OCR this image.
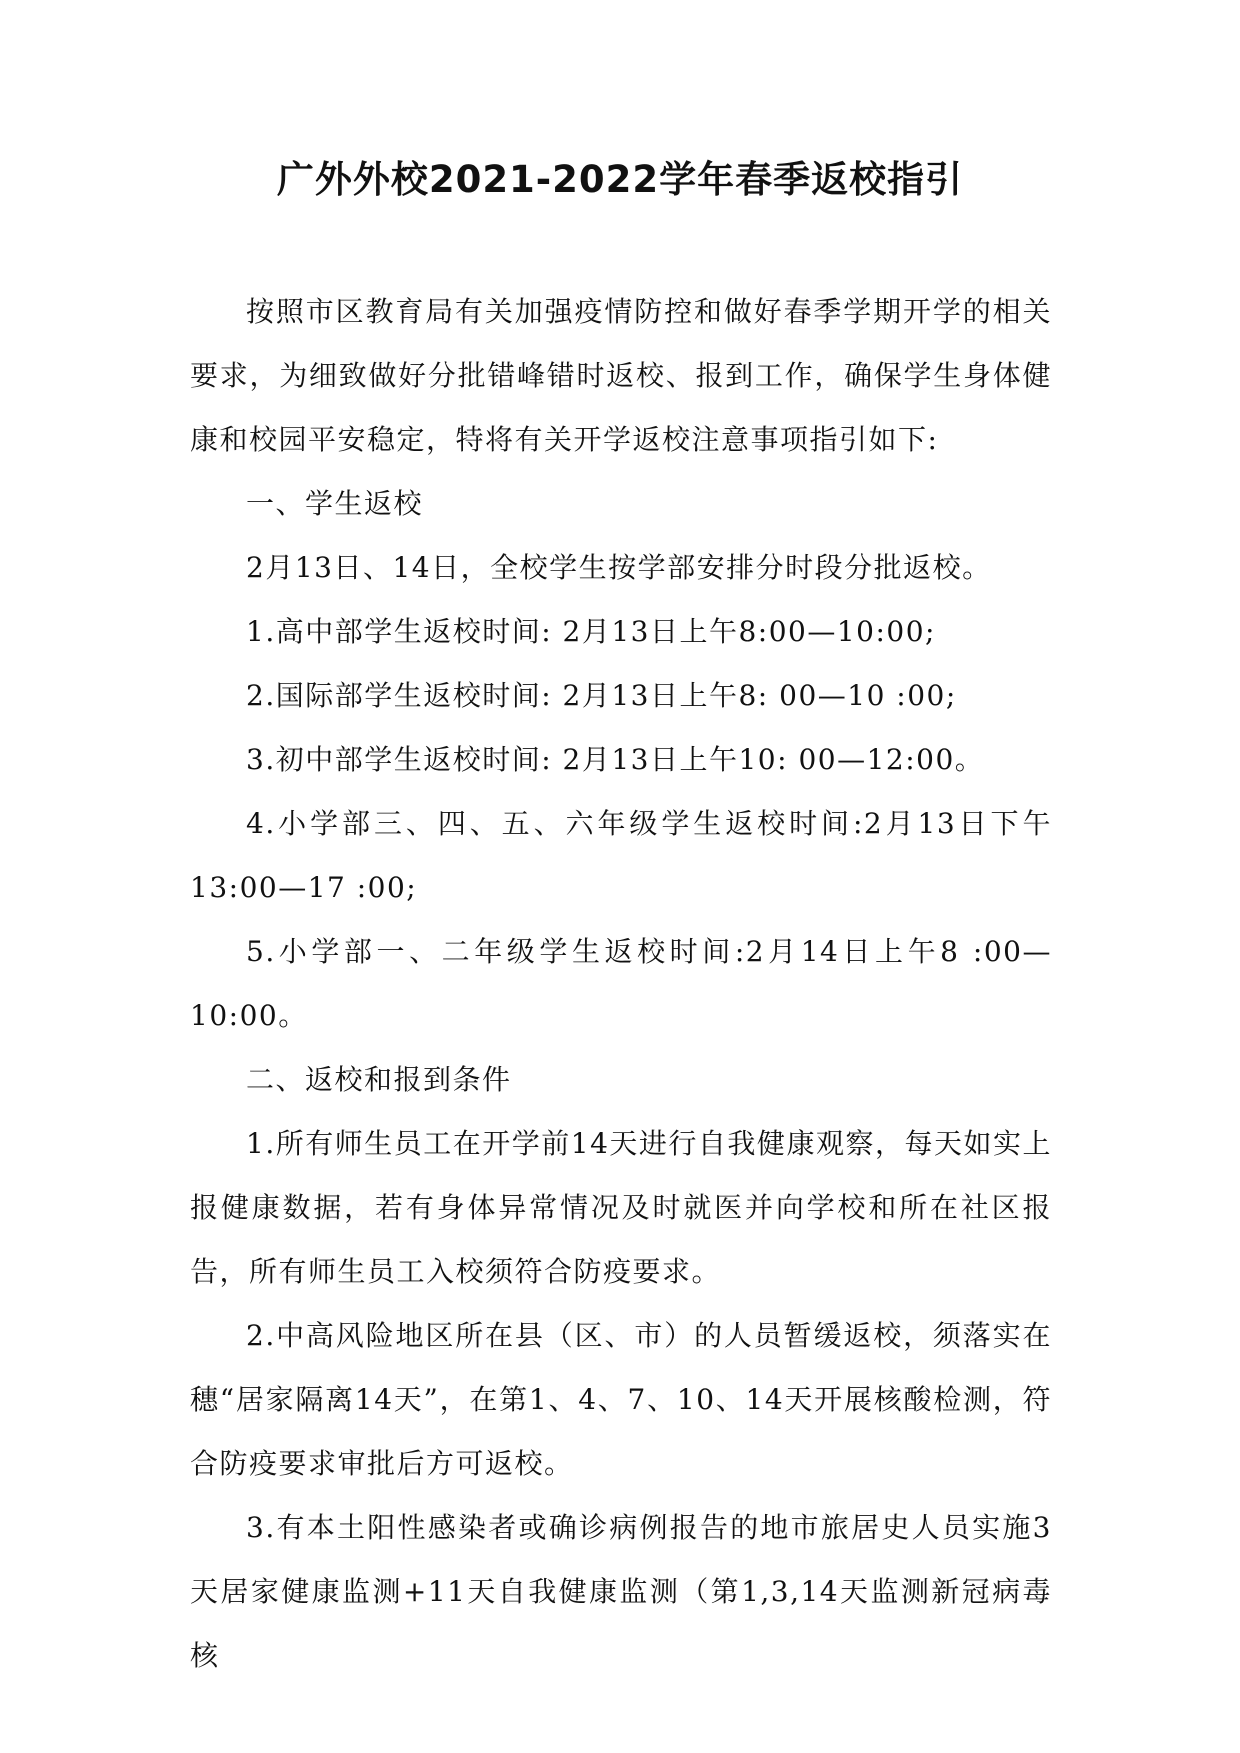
广外外校2021-2022学年春季返校指引

按照市区教育局有关加强疫情防控和做好春季学期开学的相关要求，为细致做好分批错峰错时返校、报到工作，确保学生身体健康和校园平安稳定，特将有关开学返校注意事项指引如下:

一、学生返校

2月13日、14日，全校学生按学部安排分时段分批返校。

1.高中部学生返校时间: 2月13日上午8:00—10:00;

2.国际部学生返校时间: 2月13日上午8: 00—10 :00;

3.初中部学生返校时间: 2月13日上午10: 00—12:00。

4.小学部三、四、五、六年级学生返校时间:2月13日下午13:00—17 :00;

5.小学部一、二年级学生返校时间:2月14日上午8 :00—10:00。

二、返校和报到条件

1.所有师生员工在开学前14天进行自我健康观察，每天如实上报健康数据，若有身体异常情况及时就医并向学校和所在社区报告，所有师生员工入校须符合防疫要求。

2.中高风险地区所在县（区、市）的人员暂缓返校，须落实在穗“居家隔离14天”，在第1、4、7、10、14天开展核酸检测，符合防疫要求审批后方可返校。

3.有本土阳性感染者或确诊病例报告的地市旅居史人员实施3天居家健康监测+11天自我健康监测（第1,3,14天监测新冠病毒核
